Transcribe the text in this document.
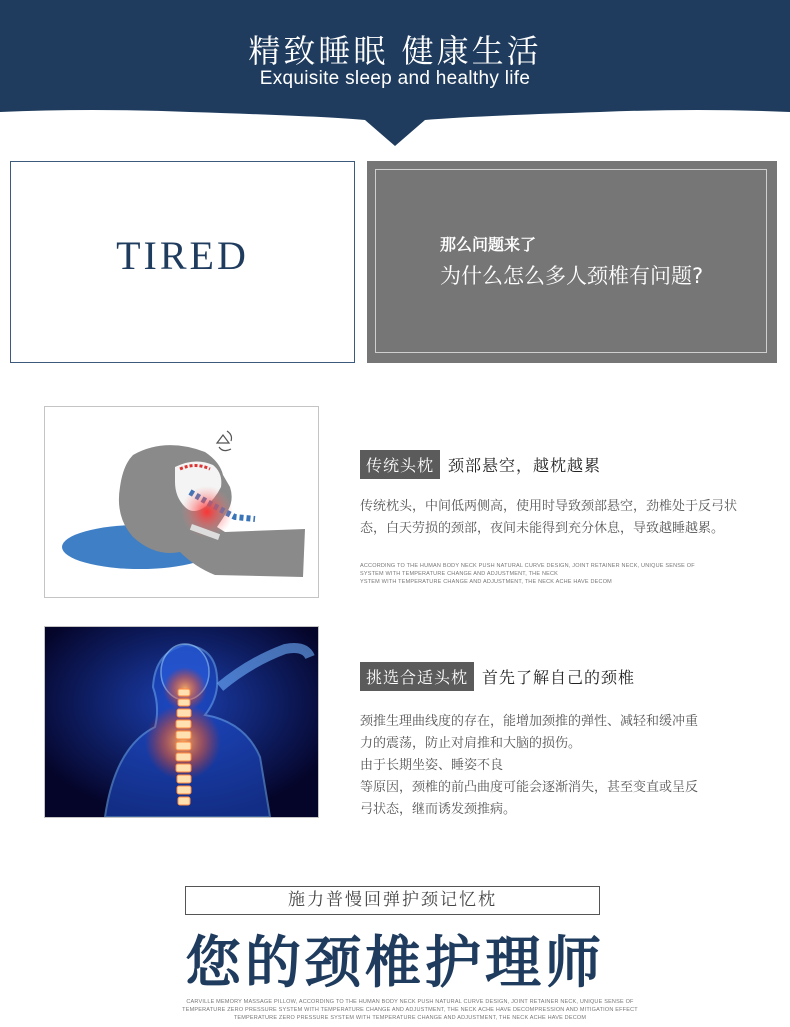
精致睡眠 健康生活
Exquisite sleep and healthy life
TIRED	那么问题来了
为什么怎么多人颈椎有问题?
传统头枕 颈部悬空，越枕越累
传统枕头，中间低两侧高，使用时导致颈部悬空，劲椎处于反弓状态，白天劳损的颈部，夜间未能得到充分休息，导致越睡越累。
ACCORDING TO THE HUMAN BODY NECK PUSH NATURAL CURVE DESIGN, JOINT RETAINER NECK, UNIQUE SENSE OF
SYSTEM WITH TEMPERATURE CHANGE AND ADJUSTMENT, THE NECK
YSTEM WITH TEMPERATURE CHANGE AND ADJUSTMENT, THE NECK ACHE HAVE DECOM
挑选合适头枕 首先了解自己的颈椎
颈推生理曲线度的存在，能增加颈推的弹性、减轻和缓冲重
力的震荡，防止对肩推和大脑的损伤。
由于长期坐姿、睡姿不良
等原因，颈椎的前凸曲度可能会逐渐消失，甚至变直或呈反
弓状态，继而诱发颈推病。
施力普慢回弹护颈记忆枕
您的颈椎护理师
CARVILLE MEMORY MASSAGE PILLOW, ACCORDING TO THE HUMAN BODY NECK PUSH NATURAL CURVE DESIGN, JOINT RETAINER NECK, UNIQUE SENSE OF
TEMPERATURE ZERO PRESSURE SYSTEM WITH TEMPERATURE CHANGE AND ADJUSTMENT, THE NECK ACHE HAVE DECOMPRESSION AND MITIGATION EFFECT
TEMPERATURE ZERO PRESSURE SYSTEM WITH TEMPERATURE CHANGE AND ADJUSTMENT, THE NECK ACHE HAVE DECOM
